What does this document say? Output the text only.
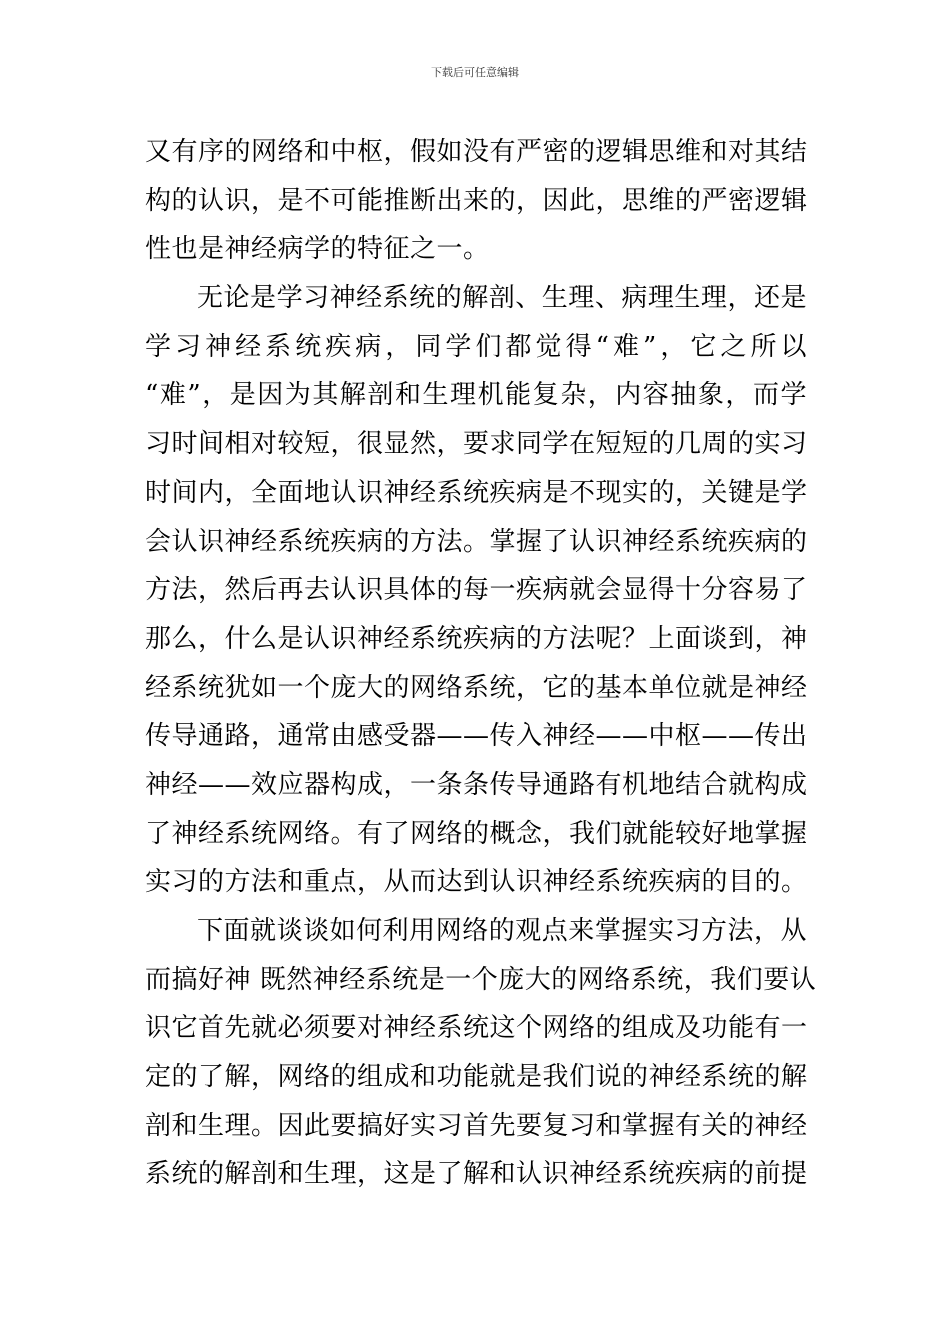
下载后可任意编辑
又有序的网络和中枢，假如没有严密的逻辑思维和对其结
构的认识，是不可能推断出来的，因此，思维的严密逻辑
性也是神经病学的特征之一。
无论是学习神经系统的解剖、生理、病理生理，还是
学习神经系统疾病，同学们都觉得“难”，它之所以
“难”，是因为其解剖和生理机能复杂，内容抽象，而学
习时间相对较短，很显然，要求同学在短短的几周的实习
时间内，全面地认识神经系统疾病是不现实的，关键是学
会认识神经系统疾病的方法。掌握了认识神经系统疾病的
方法，然后再去认识具体的每一疾病就会显得十分容易了
那么，什么是认识神经系统疾病的方法呢？上面谈到，神
经系统犹如一个庞大的网络系统，它的基本单位就是神经
传导通路，通常由感受器——传入神经——中枢——传出
神经——效应器构成，一条条传导通路有机地结合就构成
了神经系统网络。有了网络的概念，我们就能较好地掌握
实习的方法和重点，从而达到认识神经系统疾病的目的。
下面就谈谈如何利用网络的观点来掌握实习方法，从
而搞好神 既然神经系统是一个庞大的网络系统，我们要认
识它首先就必须要对神经系统这个网络的组成及功能有一
定的了解，网络的组成和功能就是我们说的神经系统的解
剖和生理。因此要搞好实习首先要复习和掌握有关的神经
系统的解剖和生理，这是了解和认识神经系统疾病的前提
